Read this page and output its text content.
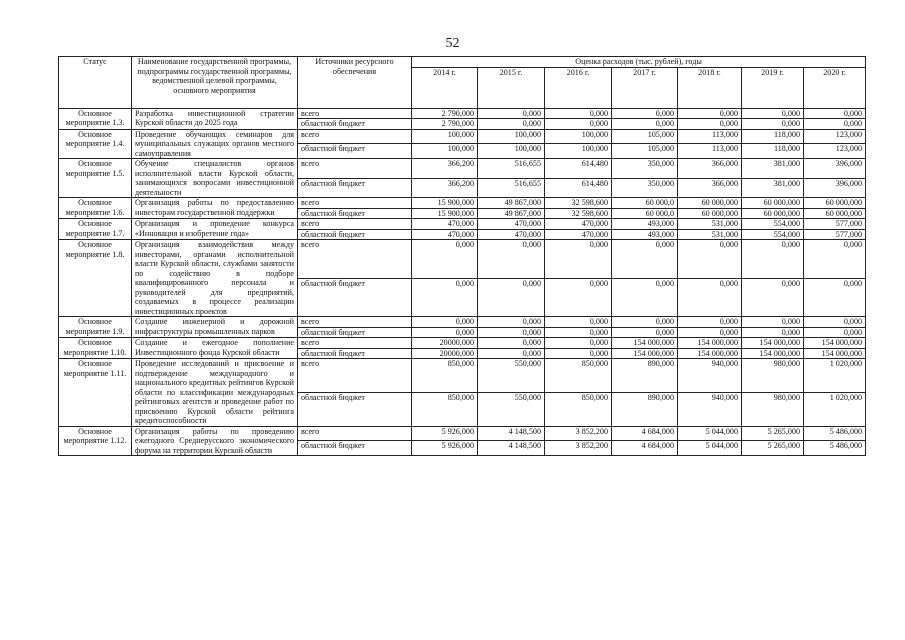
52
Статус	Наименование государственной программы, подпрограммы государственной программы, ведомственной целевой программы, основного мероприятия	Источники ресурсного обеспечения	Оценка расходов (тыс. рублей), годы						
			2014 г.	2015 г.	2016 г.	2017 г.	2018 г.	2019 г.	2020 г.
Основное мероприятие 1.3.	Разработка инвестиционной стратегии Курской области до 2025 года	всего	2 790,000	0,000	0,000	0,000	0,000	0,000	0,000
		областной бюджет	2 790,000	0,000	0,000	0,000	0,000	0,000	0,000
Основное мероприятие 1.4.	Проведение обучающих семинаров для муниципальных служащих органов местного самоуправления	всего	100,000	100,000	100,000	105,000	113,000	118,000	123,000
		областной бюджет	100,000	100,000	100,000	105,000	113,000	118,000	123,000
Основное мероприятие 1.5.	Обучение специалистов органов исполнительной власти Курской области, занимающихся вопросами инвестиционной деятельности	всего	366,200	516,655	614,480	350,000	366,000	381,000	396,000
		областной бюджет	366,200	516,655	614,480	350,000	366,000	381,000	396,000
Основное мероприятие 1.6.	Организация работы по предоставлению инвесторам государственной поддержки	всего	15 900,000	49 867,000	32 598,600	60 000,0	60 000,000	60 000,000	60 000,000
		областной бюджет	15 900,000	49 867,000	32 598,600	60 000,0	60 000,000	60 000,000	60 000,000
Основное мероприятие 1.7.	Организация и проведение конкурса «Инновация и изобретение года»	всего	470,000	470,000	470,000	493,000	531,000	554,000	577,000
		областной бюджет	470,000	470,000	470,000	493,000	531,000	554,000	577,000
Основное мероприятие 1.8.	Организация взаимодействия между инвесторами, органами исполнительной власти Курской области, службами занятости по содействию в подборе квалифицированного персонала и руководителей для предприятий, создаваемых в процессе реализации инвестиционных проектов	всего	0,000	0,000	0,000	0,000	0,000	0,000	0,000
		областной бюджет	0,000	0,000	0,000	0,000	0,000	0,000	0,000
Основное мероприятие 1.9.	Создание инженерной и дорожной инфраструктуры промышленных парков	всего	0,000	0,000	0,000	0,000	0,000	0,000	0,000
		областной бюджет	0,000	0,000	0,000	0,000	0,000	0,000	0,000
Основное мероприятие 1.10.	Создание и ежегодное пополнение Инвестиционного фонда Курской области	всего	20000,000	0,000	0,000	154 000,000	154 000,000	154 000,000	154 000,000
		областной бюджет	20000,000	0,000	0,000	154 000,000	154 000,000	154 000,000	154 000,000
Основное мероприятие 1.11.	Проведение исследований и присвоение и подтверждение международного и национального кредитных рейтингов Курской области по классификации международных рейтинговых агентств и проведение работ по присвоению Курской области рейтинга кредитоспособности	всего	850,000	550,000	850,000	890,000	940,000	980,000	1 020,000
		областной бюджет	850,000	550,000	850,000	890,000	940,000	980,000	1 020,000
Основное мероприятие 1.12.	Организация работы по проведению ежегодного Среднерусского экономического форума на территории Курской области	всего	5 926,000	4 148,500	3 852,200	4 684,000	5 044,000	5 265,000	5 486,000
		областной бюджет	5 926,000	4 148,500	3 852,200	4 684,000	5 044,000	5 265,000	5 486,000
